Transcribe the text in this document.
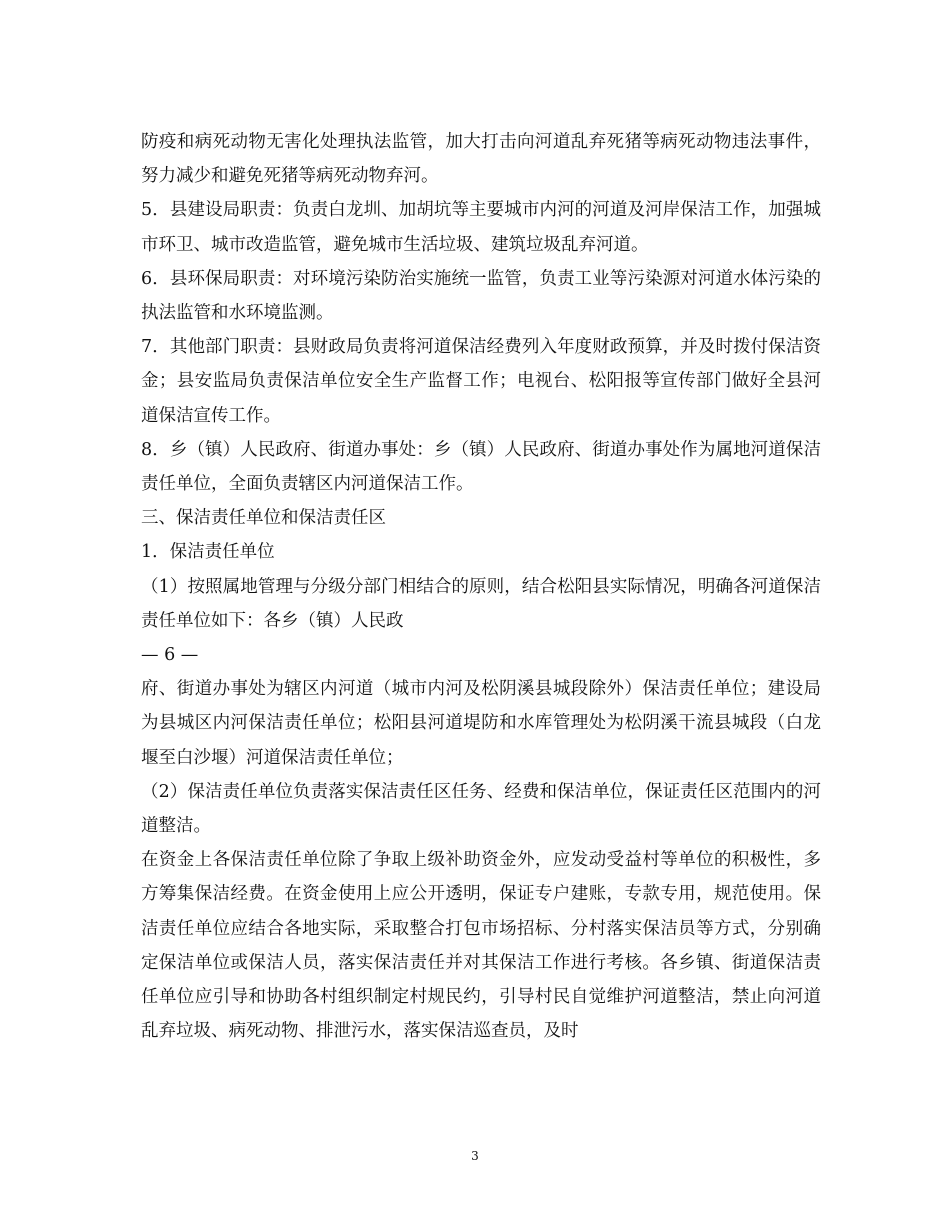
防疫和病死动物无害化处理执法监管，加大打击向河道乱弃死猪等病死动物违法事件，努力减少和避免死猪等病死动物弃河。

5．县建设局职责：负责白龙圳、加胡坑等主要城市内河的河道及河岸保洁工作，加强城市环卫、城市改造监管，避免城市生活垃圾、建筑垃圾乱弃河道。

6．县环保局职责：对环境污染防治实施统一监管，负责工业等污染源对河道水体污染的执法监管和水环境监测。

7．其他部门职责：县财政局负责将河道保洁经费列入年度财政预算，并及时拨付保洁资金；县安监局负责保洁单位安全生产监督工作；电视台、松阳报等宣传部门做好全县河道保洁宣传工作。

8．乡（镇）人民政府、街道办事处：乡（镇）人民政府、街道办事处作为属地河道保洁责任单位，全面负责辖区内河道保洁工作。

三、保洁责任单位和保洁责任区

1．保洁责任单位

（1）按照属地管理与分级分部门相结合的原则，结合松阳县实际情况，明确各河道保洁责任单位如下：各乡（镇）人民政

— 6 —

府、街道办事处为辖区内河道（城市内河及松阴溪县城段除外）保洁责任单位；建设局为县城区内河保洁责任单位；松阳县河道堤防和水库管理处为松阴溪干流县城段（白龙堰至白沙堰）河道保洁责任单位；

（2）保洁责任单位负责落实保洁责任区任务、经费和保洁单位，保证责任区范围内的河道整洁。

在资金上各保洁责任单位除了争取上级补助资金外，应发动受益村等单位的积极性，多方筹集保洁经费。在资金使用上应公开透明，保证专户建账，专款专用，规范使用。保洁责任单位应结合各地实际，采取整合打包市场招标、分村落实保洁员等方式，分别确定保洁单位或保洁人员，落实保洁责任并对其保洁工作进行考核。各乡镇、街道保洁责任单位应引导和协助各村组织制定村规民约，引导村民自觉维护河道整洁，禁止向河道乱弃垃圾、病死动物、排泄污水，落实保洁巡查员，及时

3
